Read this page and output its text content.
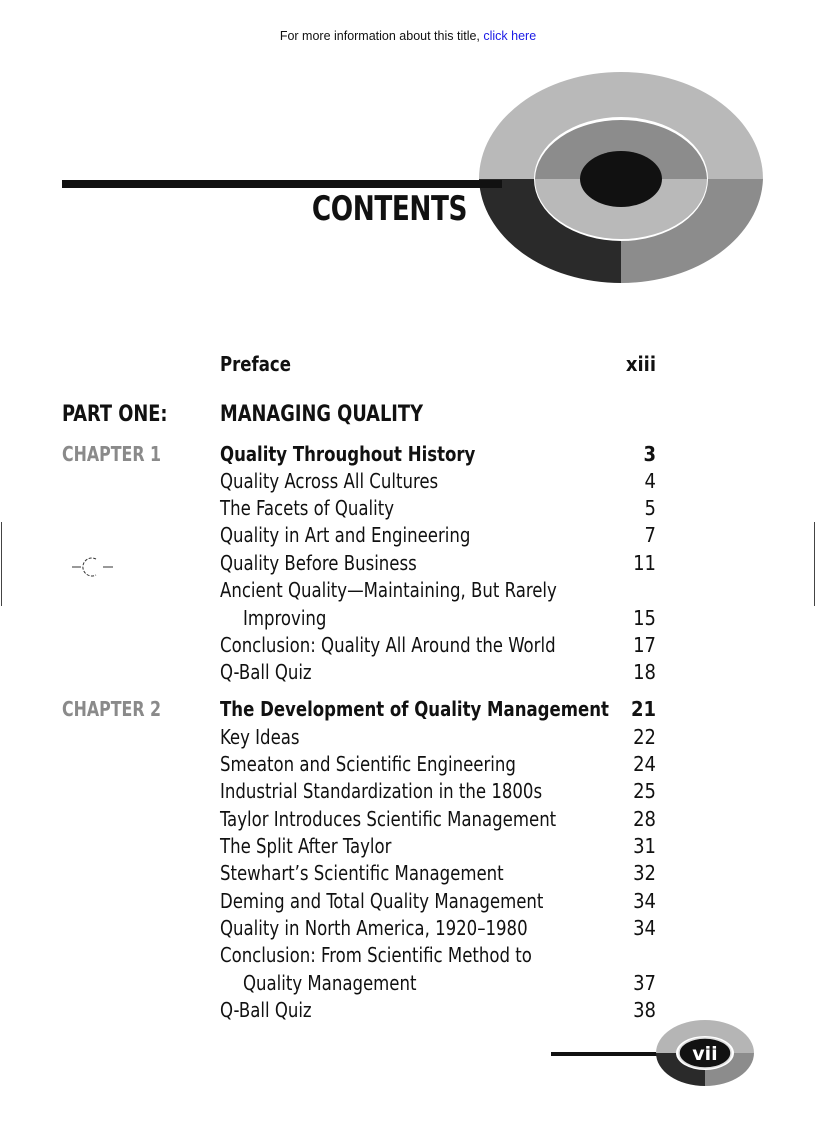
For more information about this title, click here
CONTENTS
Preface	xiii
PART ONE: MANAGING QUALITY
CHAPTER 1	Quality Throughout History	3
Quality Across All Cultures	4
The Facets of Quality	5
Quality in Art and Engineering	7
Quality Before Business	11
Ancient Quality—Maintaining, But Rarely
Improving	15
Conclusion: Quality All Around the World	17
Q-Ball Quiz	18
CHAPTER 2	The Development of Quality Management	21
Key Ideas	22
Smeaton and Scientific Engineering	24
Industrial Standardization in the 1800s	25
Taylor Introduces Scientific Management	28
The Split After Taylor	31
Stewhart’s Scientific Management	32
Deming and Total Quality Management	34
Quality in North America, 1920–1980	34
Conclusion: From Scientific Method to
Quality Management	37
Q-Ball Quiz	38
vii
